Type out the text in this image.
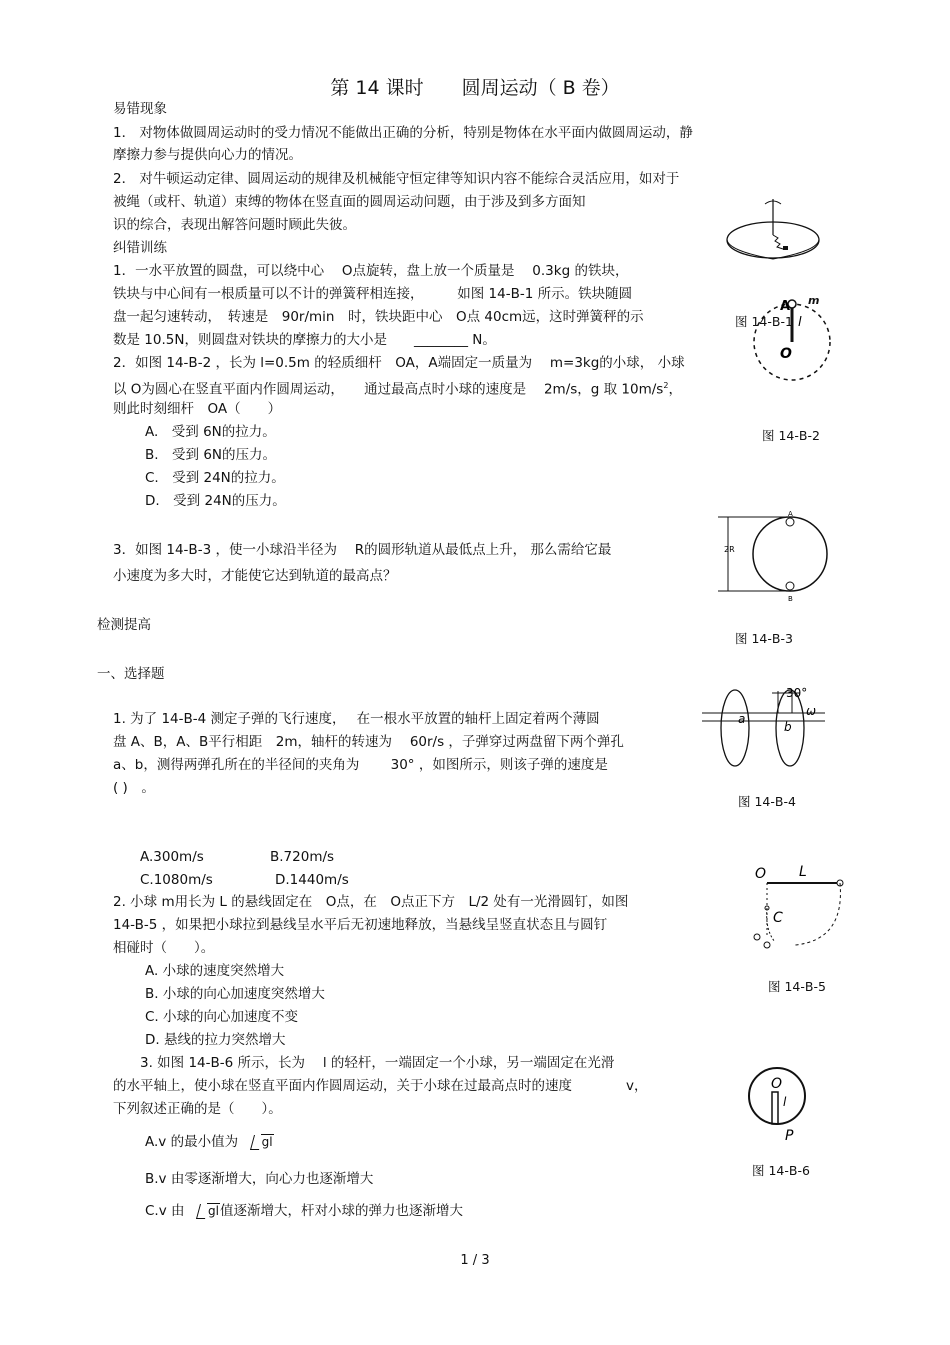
第 14 课时　　圆周运动（ B 卷）
易错现象
1． 对物体做圆周运动时的受力情况不能做出正确的分析，特别是物体在水平面内做圆周运动，静
摩擦力参与提供向心力的情况。
2． 对牛顿运动定律、圆周运动的规律及机械能守恒定律等知识内容不能综合灵活应用，如对于
被绳（或杆、轨道）束缚的物体在竖直面的圆周运动问题，由于涉及到多方面知
识的综合，表现出解答问题时顾此失彼。
纠错训练
1．一水平放置的圆盘，可以绕中心　 O点旋转，盘上放一个质量是　 0.3kg 的铁块，
铁块与中心间有一根质量可以不计的弹簧秤相连接，　　　如图 14-B-1 所示。铁块随圆
盘一起匀速转动，　转速是　90r/min　时，铁块距中心　O点 40cm远，这时弹簧秤的示
数是 10.5N，则圆盘对铁块的摩擦力的大小是　　________ N。
2．如图 14-B-2 ，长为 l=0.5m 的轻质细杆　OA，A端固定一质量为　 m=3kg的小球， 小球
以 O为圆心在竖直平面内作圆周运动，　　通过最高点时小球的速度是　 2m/s，g 取 $10m/s^2$，
则此时刻细杆　OA（　　）
A.　受到 6N的拉力。
B.　受到 6N的压力。
C.　受到 24N的拉力。
D.　受到 24N的压力。
3．如图 14-B-3 ，使一小球沿半径为　 R的圆形轨道从最低点上升， 那么需给它最
小速度为多大时，才能使它达到轨道的最高点？
检测提高
一、选择题
1. 为了 14-B-4 测定子弹的飞行速度，　 在一根水平放置的轴杆上固定着两个薄圆
盘 A、B，A、B平行相距　2m，轴杆的转速为　 60r/s ，子弹穿过两盘留下两个弹孔
a、b，测得两弹孔所在的半径间的夹角为　　 30° ，如图所示，则该子弹的速度是
( )　。
A.300m/s	B.720m/s
C.1080m/s	D.1440m/s
2. 小球 m用长为 L 的悬线固定在　O点，在　O点正下方　L/2 处有一光滑圆钉，如图
14-B-5 ，如果把小球拉到悬线呈水平后无初速地释放，当悬线呈竖直状态且与圆钉
相碰时（　　）。
A. 小球的速度突然增大
B. 小球的向心加速度突然增大
C. 小球的向心加速度不变
D. 悬线的拉力突然增大
3. 如图 14-B-6 所示，长为　 l 的轻杆，一端固定一个小球，另一端固定在光滑
的水平轴上，使小球在竖直平面内作圆周运动，关于小球在过最高点时的速度　　　　v，
下列叙述正确的是（　　）。
A.v 的最小值为　 gl
B.v 由零逐渐增大，向心力也逐渐增大
C.v 由　 gl值逐渐增大，杆对小球的弹力也逐渐增大
图 14-B-1
A
l
O
m
图 14-B-2
2R
A
B
图 14-B-3
a
b
30°
ω
图 14-B-4
O L
C
图 14-B-5
O
l
P
图 14-B-6
1 / 3
